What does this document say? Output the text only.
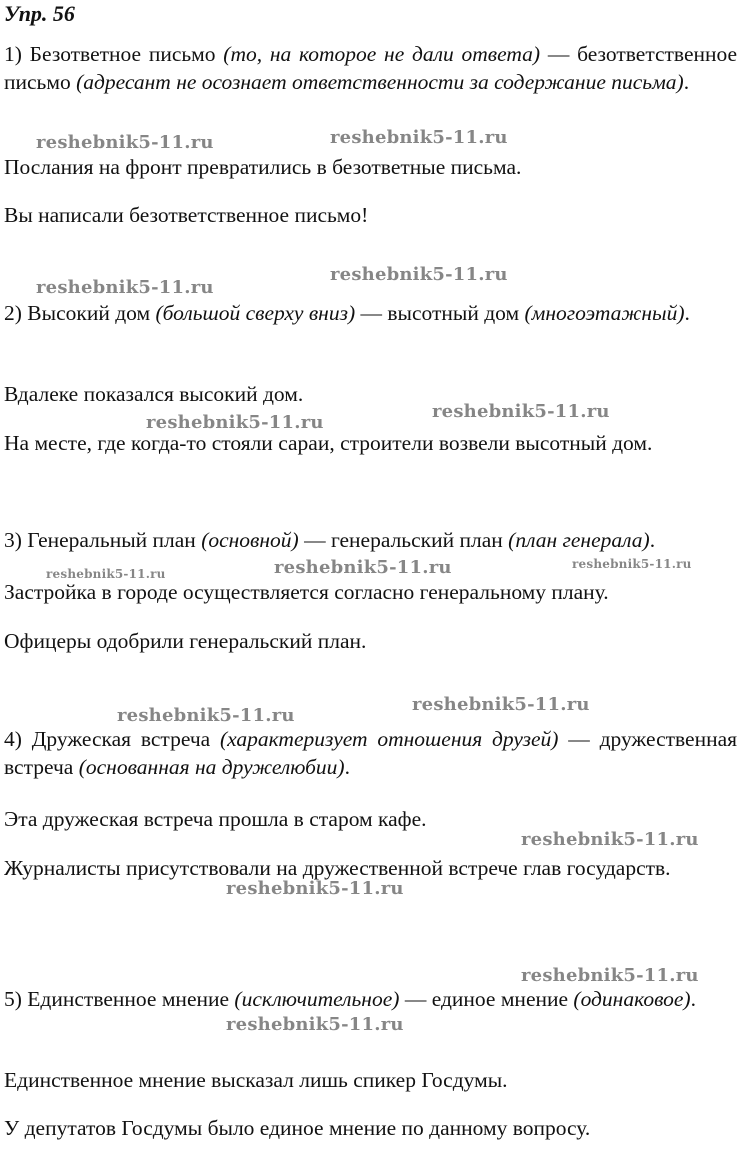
Упр. 56
1) Безответное письмо (то, на которое не дали ответа) — безответственное письмо (адресант не осознает ответственности за содержание письма).
Послания на фронт превратились в безответные письма.
Вы написали безответственное письмо!
2) Высокий дом (большой сверху вниз) — высотный дом (многоэтажный).
Вдалеке показался высокий дом.
На месте, где когда-то стояли сараи, строители возвели высотный дом.
3) Генеральный план (основной) — генеральский план (план генерала).
Застройка в городе осуществляется согласно генеральному плану.
Офицеры одобрили генеральский план.
4) Дружеская встреча (характеризует отношения друзей) — дружественная встреча (основанная на дружелюбии).
Эта дружеская встреча прошла в старом кафе.
Журналисты присутствовали на дружественной встрече глав государств.
5) Единственное мнение (исключительное) — единое мнение (одинаковое).
Единственное мнение высказал лишь спикер Госдумы.
У депутатов Госдумы было единое мнение по данному вопросу.
reshebnik5-11.ru	reshebnik5-11.ru
reshebnik5-11.ru
reshebnik5-11.ru
reshebnik5-11.ru
reshebnik5-11.ru
reshebnik5-11.ru	reshebnik5-11.ru	reshebnik5-11.ru
reshebnik5-11.ru
reshebnik5-11.ru
reshebnik5-11.ru
reshebnik5-11.ru
reshebnik5-11.ru
reshebnik5-11.ru
